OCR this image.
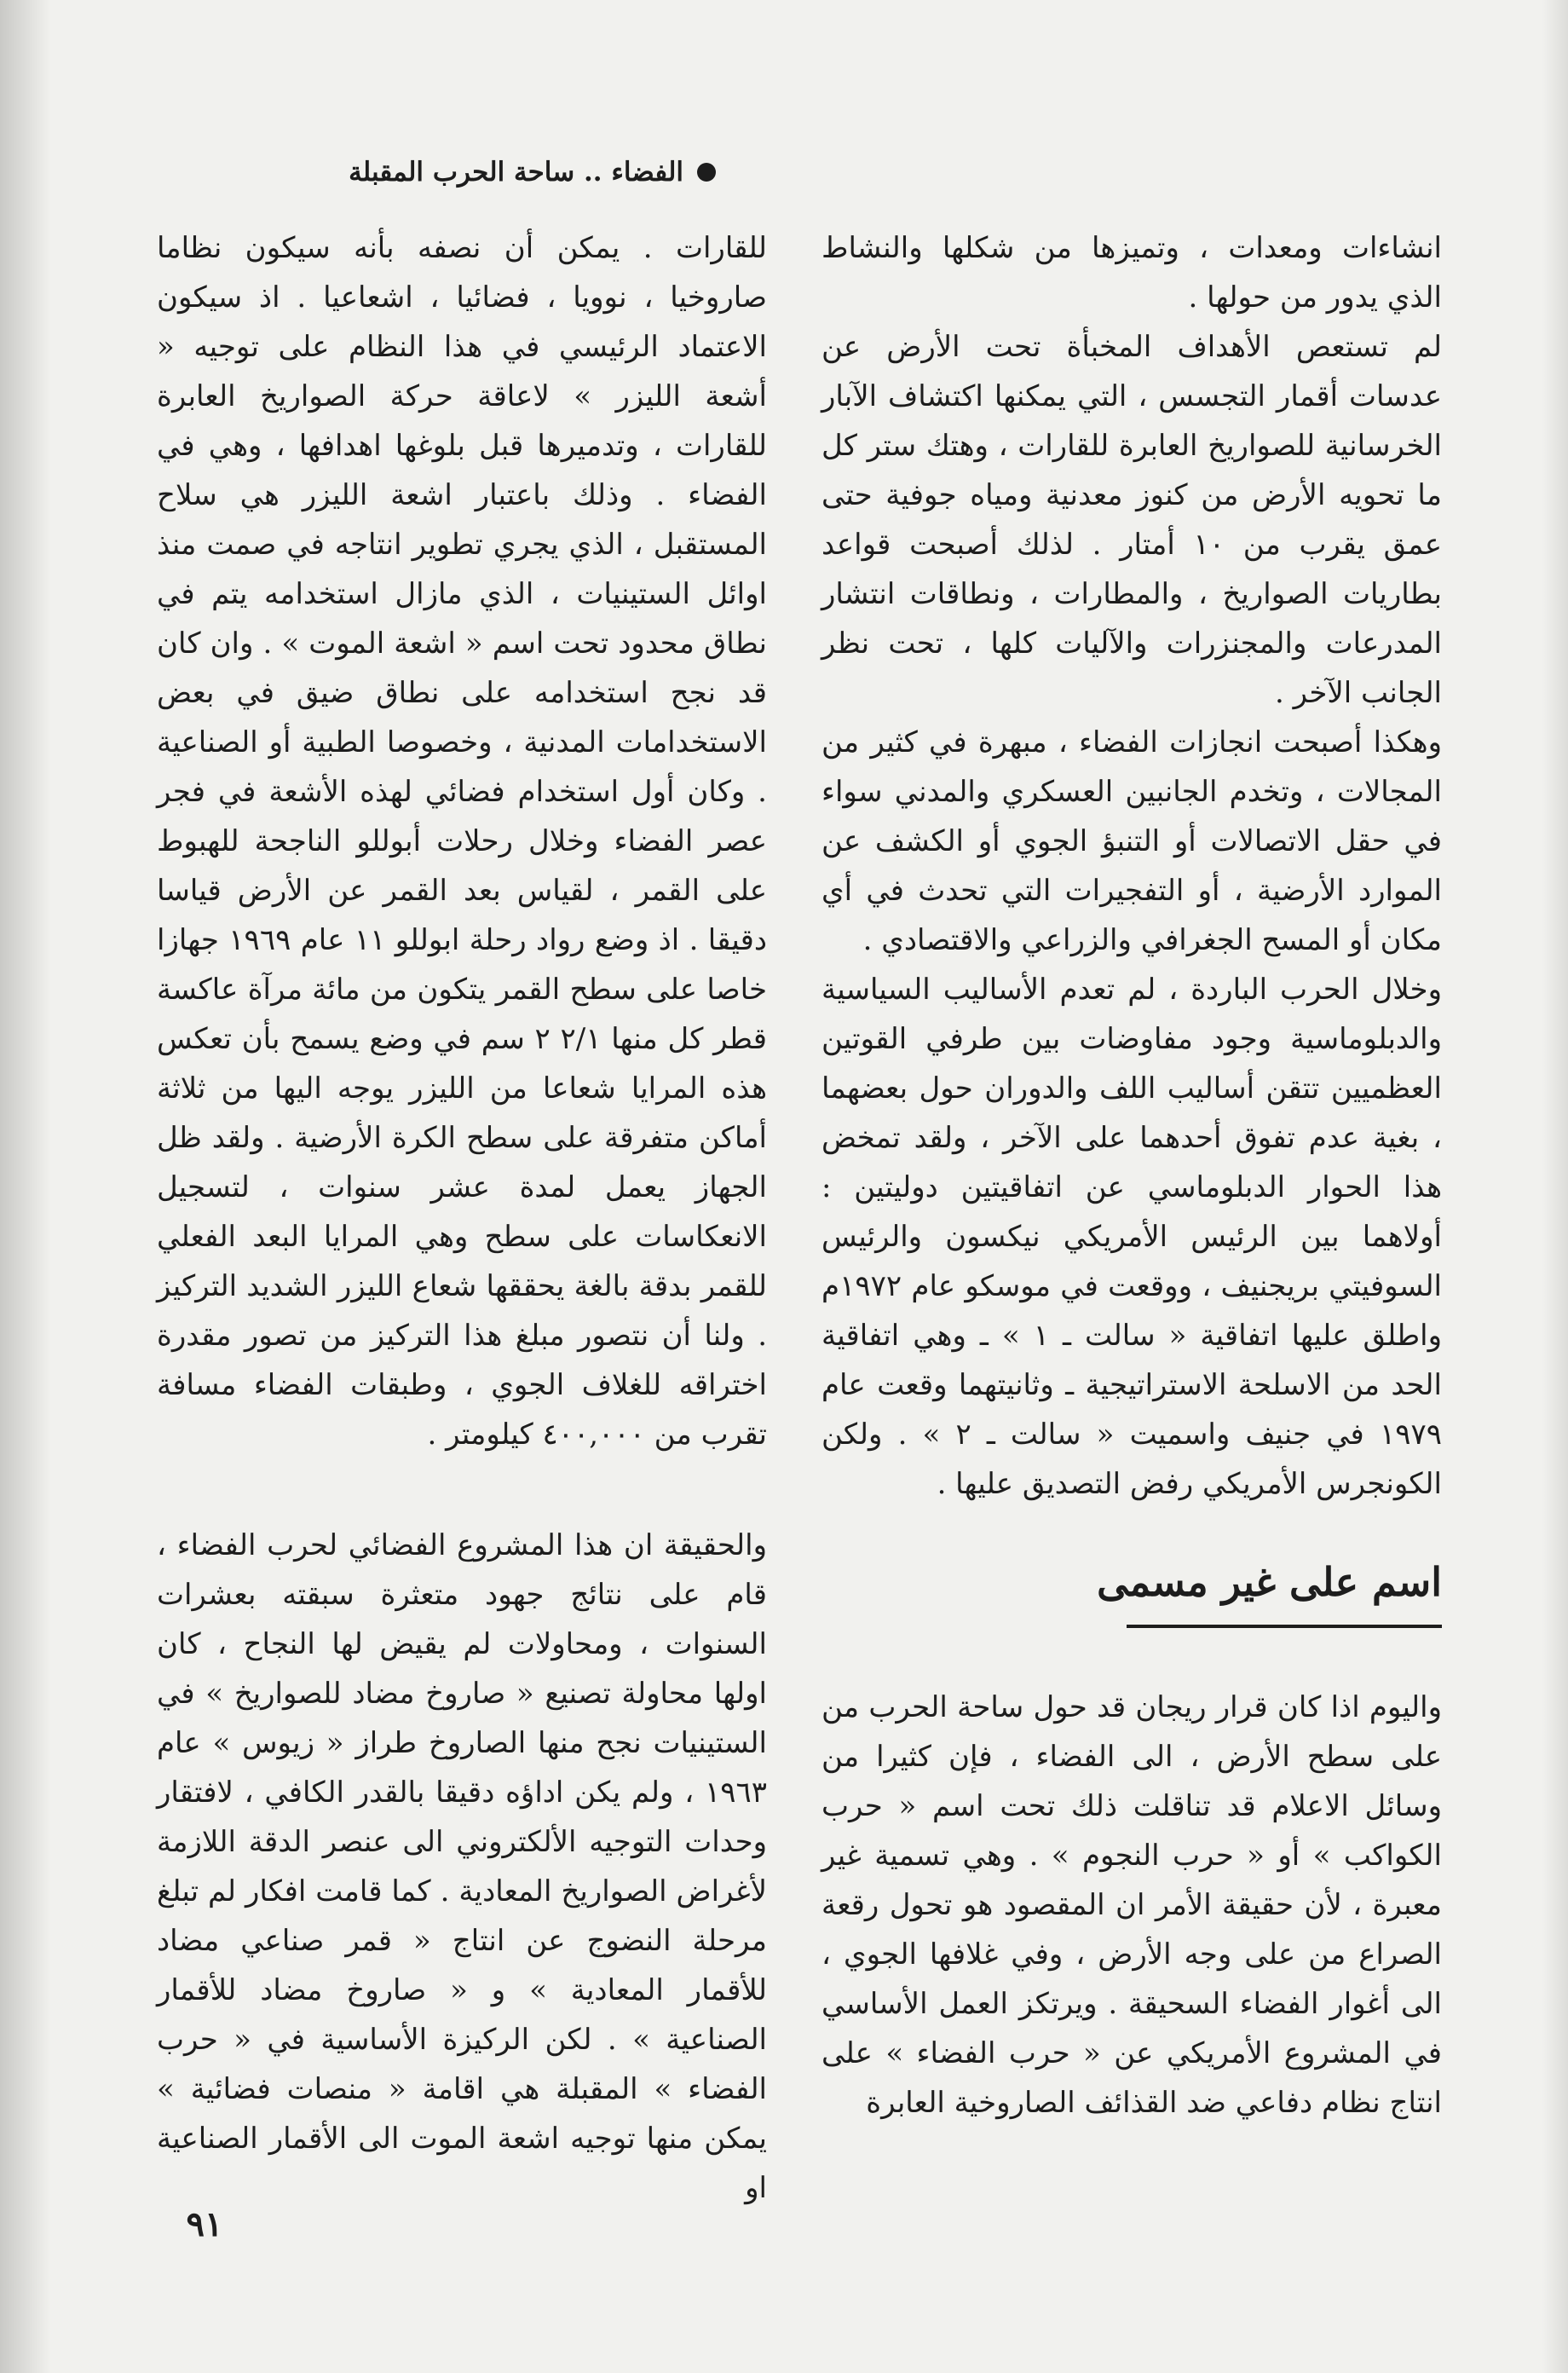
الفضاء .. ساحة الحرب المقبلة

انشاءات ومعدات ، وتميزها من شكلها والنشاط الذي يدور من حولها .

لم تستعص الأهداف المخبأة تحت الأرض عن عدسات أقمار التجسس ، التي يمكنها اكتشاف الآبار الخرسانية للصواريخ العابرة للقارات ، وهتك ستر كل ما تحويه الأرض من كنوز معدنية ومياه جوفية حتى عمق يقرب من ١٠ أمتار . لذلك أصبحت قواعد بطاريات الصواريخ ، والمطارات ، ونطاقات انتشار المدرعات والمجنزرات والآليات كلها ، تحت نظر الجانب الآخر .

وهكذا أصبحت انجازات الفضاء ، مبهرة في كثير من المجالات ، وتخدم الجانبين العسكري والمدني سواء في حقل الاتصالات أو التنبؤ الجوي أو الكشف عن الموارد الأرضية ، أو التفجيرات التي تحدث في أي مكان أو المسح الجغرافي والزراعي والاقتصادي .

وخلال الحرب الباردة ، لم تعدم الأساليب السياسية والدبلوماسية وجود مفاوضات بين طرفي القوتين العظميين تتقن أساليب اللف والدوران حول بعضهما ، بغية عدم تفوق أحدهما على الآخر ، ولقد تمخض هذا الحوار الدبلوماسي عن اتفاقيتين دوليتين : أولاهما بين الرئيس الأمريكي نيكسون والرئيس السوفيتي بريجنيف ، ووقعت في موسكو عام ١٩٧٢م واطلق عليها اتفاقية « سالت ـ ١ » ـ وهي اتفاقية الحد من الاسلحة الاستراتيجية ـ وثانيتهما وقعت عام ١٩٧٩ في جنيف واسميت « سالت ـ ٢ » . ولكن الكونجرس الأمريكي رفض التصديق عليها .

اسم على غير مسمى

واليوم اذا كان قرار ريجان قد حول ساحة الحرب من على سطح الأرض ، الى الفضاء ، فإن كثيرا من وسائل الاعلام قد تناقلت ذلك تحت اسم « حرب الكواكب » أو « حرب النجوم » . وهي تسمية غير معبرة ، لأن حقيقة الأمر ان المقصود هو تحول رقعة الصراع من على وجه الأرض ، وفي غلافها الجوي ، الى أغوار الفضاء السحيقة . ويرتكز العمل الأساسي في المشروع الأمريكي عن « حرب الفضاء » على انتاج نظام دفاعي ضد القذائف الصاروخية العابرة

للقارات . يمكن أن نصفه بأنه سيكون نظاما صاروخيا ، نوويا ، فضائيا ، اشعاعيا . اذ سيكون الاعتماد الرئيسي في هذا النظام على توجيه « أشعة الليزر » لاعاقة حركة الصواريخ العابرة للقارات ، وتدميرها قبل بلوغها اهدافها ، وهي في الفضاء . وذلك باعتبار اشعة الليزر هي سلاح المستقبل ، الذي يجري تطوير انتاجه في صمت منذ اوائل الستينيات ، الذي مازال استخدامه يتم في نطاق محدود تحت اسم « اشعة الموت » . وان كان قد نجح استخدامه على نطاق ضيق في بعض الاستخدامات المدنية ، وخصوصا الطبية أو الصناعية . وكان أول استخدام فضائي لهذه الأشعة في فجر عصر الفضاء وخلال رحلات أبوللو الناجحة للهبوط على القمر ، لقياس بعد القمر عن الأرض قياسا دقيقا . اذ وضع رواد رحلة ابوللو ١١ عام ١٩٦٩ جهازا خاصا على سطح القمر يتكون من مائة مرآة عاكسة قطر كل منها ٢/١ ٢ سم في وضع يسمح بأن تعكس هذه المرايا شعاعا من الليزر يوجه اليها من ثلاثة أماكن متفرقة على سطح الكرة الأرضية . ولقد ظل الجهاز يعمل لمدة عشر سنوات ، لتسجيل الانعكاسات على سطح وهي المرايا البعد الفعلي للقمر بدقة بالغة يحققها شعاع الليزر الشديد التركيز . ولنا أن نتصور مبلغ هذا التركيز من تصور مقدرة اختراقه للغلاف الجوي ، وطبقات الفضاء مسافة تقرب من ٤٠٠,٠٠٠ كيلومتر .

والحقيقة ان هذا المشروع الفضائي لحرب الفضاء ، قام على نتائج جهود متعثرة سبقته بعشرات السنوات ، ومحاولات لم يقيض لها النجاح ، كان اولها محاولة تصنيع « صاروخ مضاد للصواريخ » في الستينيات نجح منها الصاروخ طراز « زيوس » عام ١٩٦٣ ، ولم يكن اداؤه دقيقا بالقدر الكافي ، لافتقار وحدات التوجيه الألكتروني الى عنصر الدقة اللازمة لأغراض الصواريخ المعادية . كما قامت افكار لم تبلغ مرحلة النضوج عن انتاج « قمر صناعي مضاد للأقمار المعادية » و « صاروخ مضاد للأقمار الصناعية » . لكن الركيزة الأساسية في « حرب الفضاء » المقبلة هي اقامة « منصات فضائية » يمكن منها توجيه اشعة الموت الى الأقمار الصناعية او

٩١
